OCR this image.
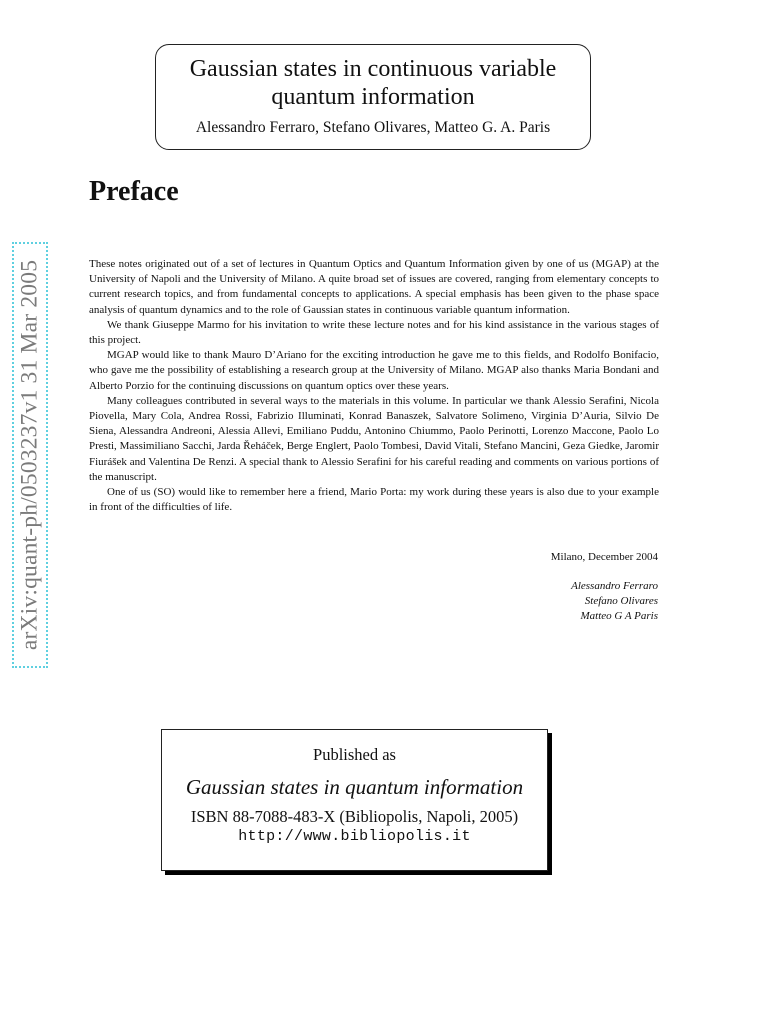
Gaussian states in continuous variable
quantum information
Alessandro Ferraro, Stefano Olivares, Matteo G. A. Paris
arXiv:quant-ph/0503237v1 31 Mar 2005
Preface

These notes originated out of a set of lectures in Quantum Optics and Quantum Information given by one of us (MGAP) at the University of Napoli and the University of Milano. A quite broad set of issues are covered, ranging from elementary concepts to current research topics, and from fundamental concepts to applications. A special emphasis has been given to the phase space analysis of quantum dynamics and to the role of Gaussian states in continuous variable quantum information.

We thank Giuseppe Marmo for his invitation to write these lecture notes and for his kind assistance in the various stages of this project.

MGAP would like to thank Mauro D’Ariano for the exciting introduction he gave me to this fields, and Rodolfo Bonifacio, who gave me the possibility of establishing a research group at the University of Milano. MGAP also thanks Maria Bondani and Alberto Porzio for the continuing discussions on quantum optics over these years.

Many colleagues contributed in several ways to the materials in this volume. In particular we thank Alessio Serafini, Nicola Piovella, Mary Cola, Andrea Rossi, Fabrizio Illuminati, Konrad Banaszek, Salvatore Solimeno, Virginia D’Auria, Silvio De Siena, Alessandra Andreoni, Alessia Allevi, Emiliano Puddu, Antonino Chiummo, Paolo Perinotti, Lorenzo Maccone, Paolo Lo Presti, Massimiliano Sacchi, Jarda Řeháček, Berge Englert, Paolo Tombesi, David Vitali, Stefano Mancini, Geza Giedke, Jaromir Fiurášek and Valentina De Renzi. A special thank to Alessio Serafini for his careful reading and comments on various portions of the manuscript.

One of us (SO) would like to remember here a friend, Mario Porta: my work during these years is also due to your example in front of the difficulties of life.

Milano, December 2004
Alessandro Ferraro
Stefano Olivares
Matteo G A Paris
Published as
Gaussian states in quantum information
ISBN 88-7088-483-X (Bibliopolis, Napoli, 2005)
http://www.bibliopolis.it
